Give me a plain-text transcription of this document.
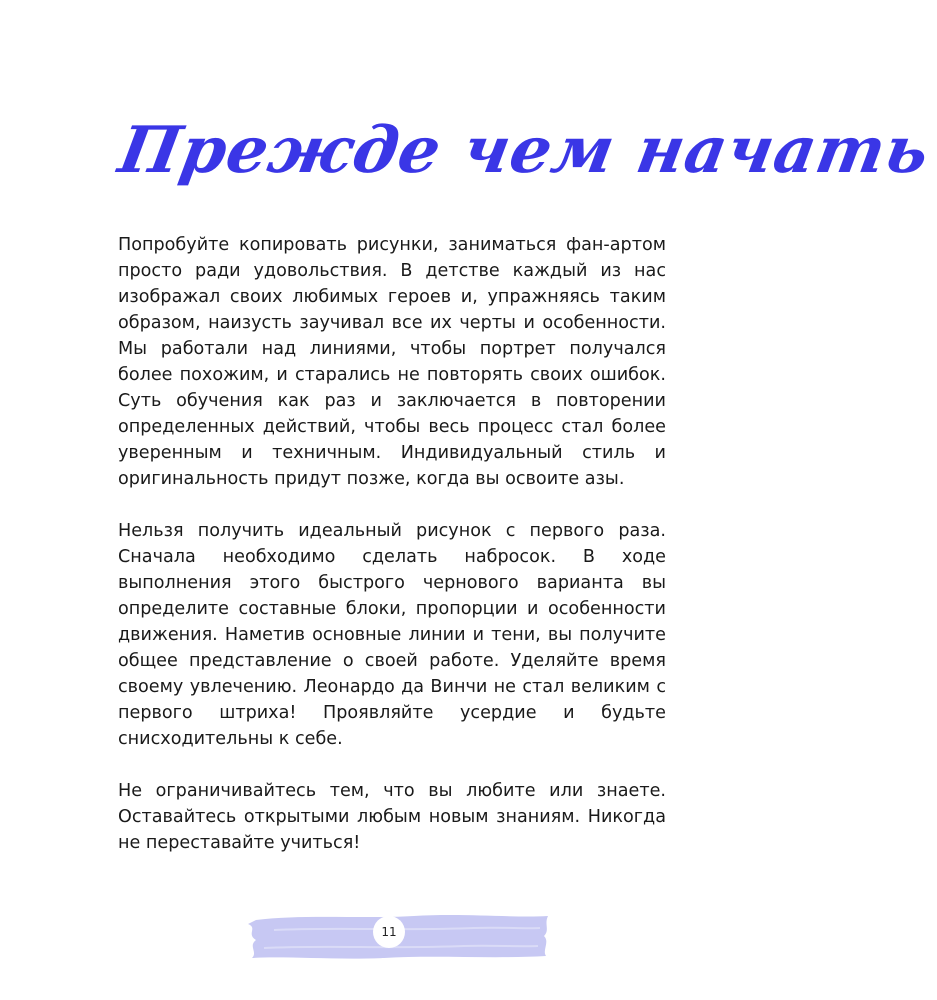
Прежде чем начать

Попробуйте копировать рисунки, заниматься фан-артом просто ради удовольствия. В детстве каждый из нас изображал своих любимых героев и, упражняясь таким образом, наизусть заучивал все их черты и особенности. Мы работали над линиями, чтобы портрет получался более похожим, и старались не повторять своих ошибок. Суть обучения как раз и заключается в повторении определенных действий, чтобы весь процесс стал более уверенным и техничным. Индивидуальный стиль и оригинальность придут позже, когда вы освоите азы.

Нельзя получить идеальный рисунок с первого раза. Сначала необходимо сделать набросок. В ходе выполнения этого быстрого чернового варианта вы определите составные блоки, пропорции и особенности движения. Наметив основные линии и тени, вы получите общее представление о своей работе. Уделяйте время своему увлечению. Леонардо да Винчи не стал великим с первого штриха! Проявляйте усердие и будьте снисходительны к себе.

Не ограничивайтесь тем, что вы любите или знаете. Оставайтесь открытыми любым новым знаниям. Никогда не переставайте учиться!

11
